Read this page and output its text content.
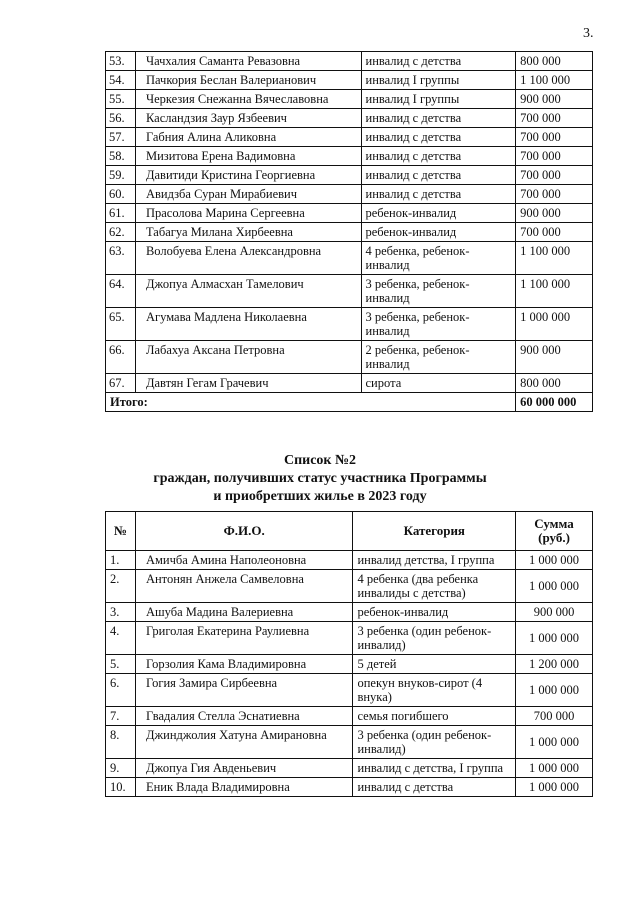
3.
53.	Чачхалия Саманта Ревазовна	инвалид с детства	800 000
54.	Пачкория Беслан Валерианович	инвалид I группы	1 100 000
55.	Черкезия Снежанна Вячеславовна	инвалид I группы	900 000
56.	Касландзия Заур Язбеевич	инвалид с детства	700 000
57.	Габния Алина Аликовна	инвалид с детства	700 000
58.	Мизитова Ерена Вадимовна	инвалид с детства	700 000
59.	Давитиди Кристина Георгиевна	инвалид с детства	700 000
60.	Авидзба Суран Мирабиевич	инвалид с детства	700 000
61.	Прасолова Марина Сергеевна	ребенок-инвалид	900 000
62.	Табагуа Милана Хирбеевна	ребенок-инвалид	700 000
63.	Волобуева Елена Александровна	4 ребенка, ребенок-инвалид	1 100 000
64.	Джопуа Алмасхан Тамелович	3 ребенка, ребенок-инвалид	1 100 000
65.	Агумава Мадлена Николаевна	3 ребенка, ребенок-инвалид	1 000 000
66.	Лабахуа Аксана Петровна	2 ребенка, ребенок-инвалид	900 000
67.	Давтян Гегам Грачевич	сирота	800 000
Итого:			60 000 000
Список №2
граждан, получивших статус участника Программы
и приобретших жилье в 2023 году
№	Ф.И.О.	Категория	Сумма (руб.)
1.	Амичба Амина Наполеоновна	инвалид детства, I группа	1 000 000
2.	Антонян Анжела Самвеловна	4 ребенка (два ребенка инвалиды с детства)	1 000 000
3.	Ашуба Мадина Валериевна	ребенок-инвалид	900 000
4.	Григолая Екатерина Раулиевна	3 ребенка (один ребенок-инвалид)	1 000 000
5.	Горзолия Кама Владимировна	5 детей	1 200 000
6.	Гогия Замира Сирбеевна	опекун внуков-сирот (4 внука)	1 000 000
7.	Гвадалия Стелла Эснатиевна	семья погибшего	700 000
8.	Джинджолия Хатуна Амирановна	3 ребенка (один ребенок-инвалид)	1 000 000
9.	Джопуа Гия Авденьевич	инвалид с детства, I группа	1 000 000
10.	Еник Влада Владимировна	инвалид с детства	1 000 000
